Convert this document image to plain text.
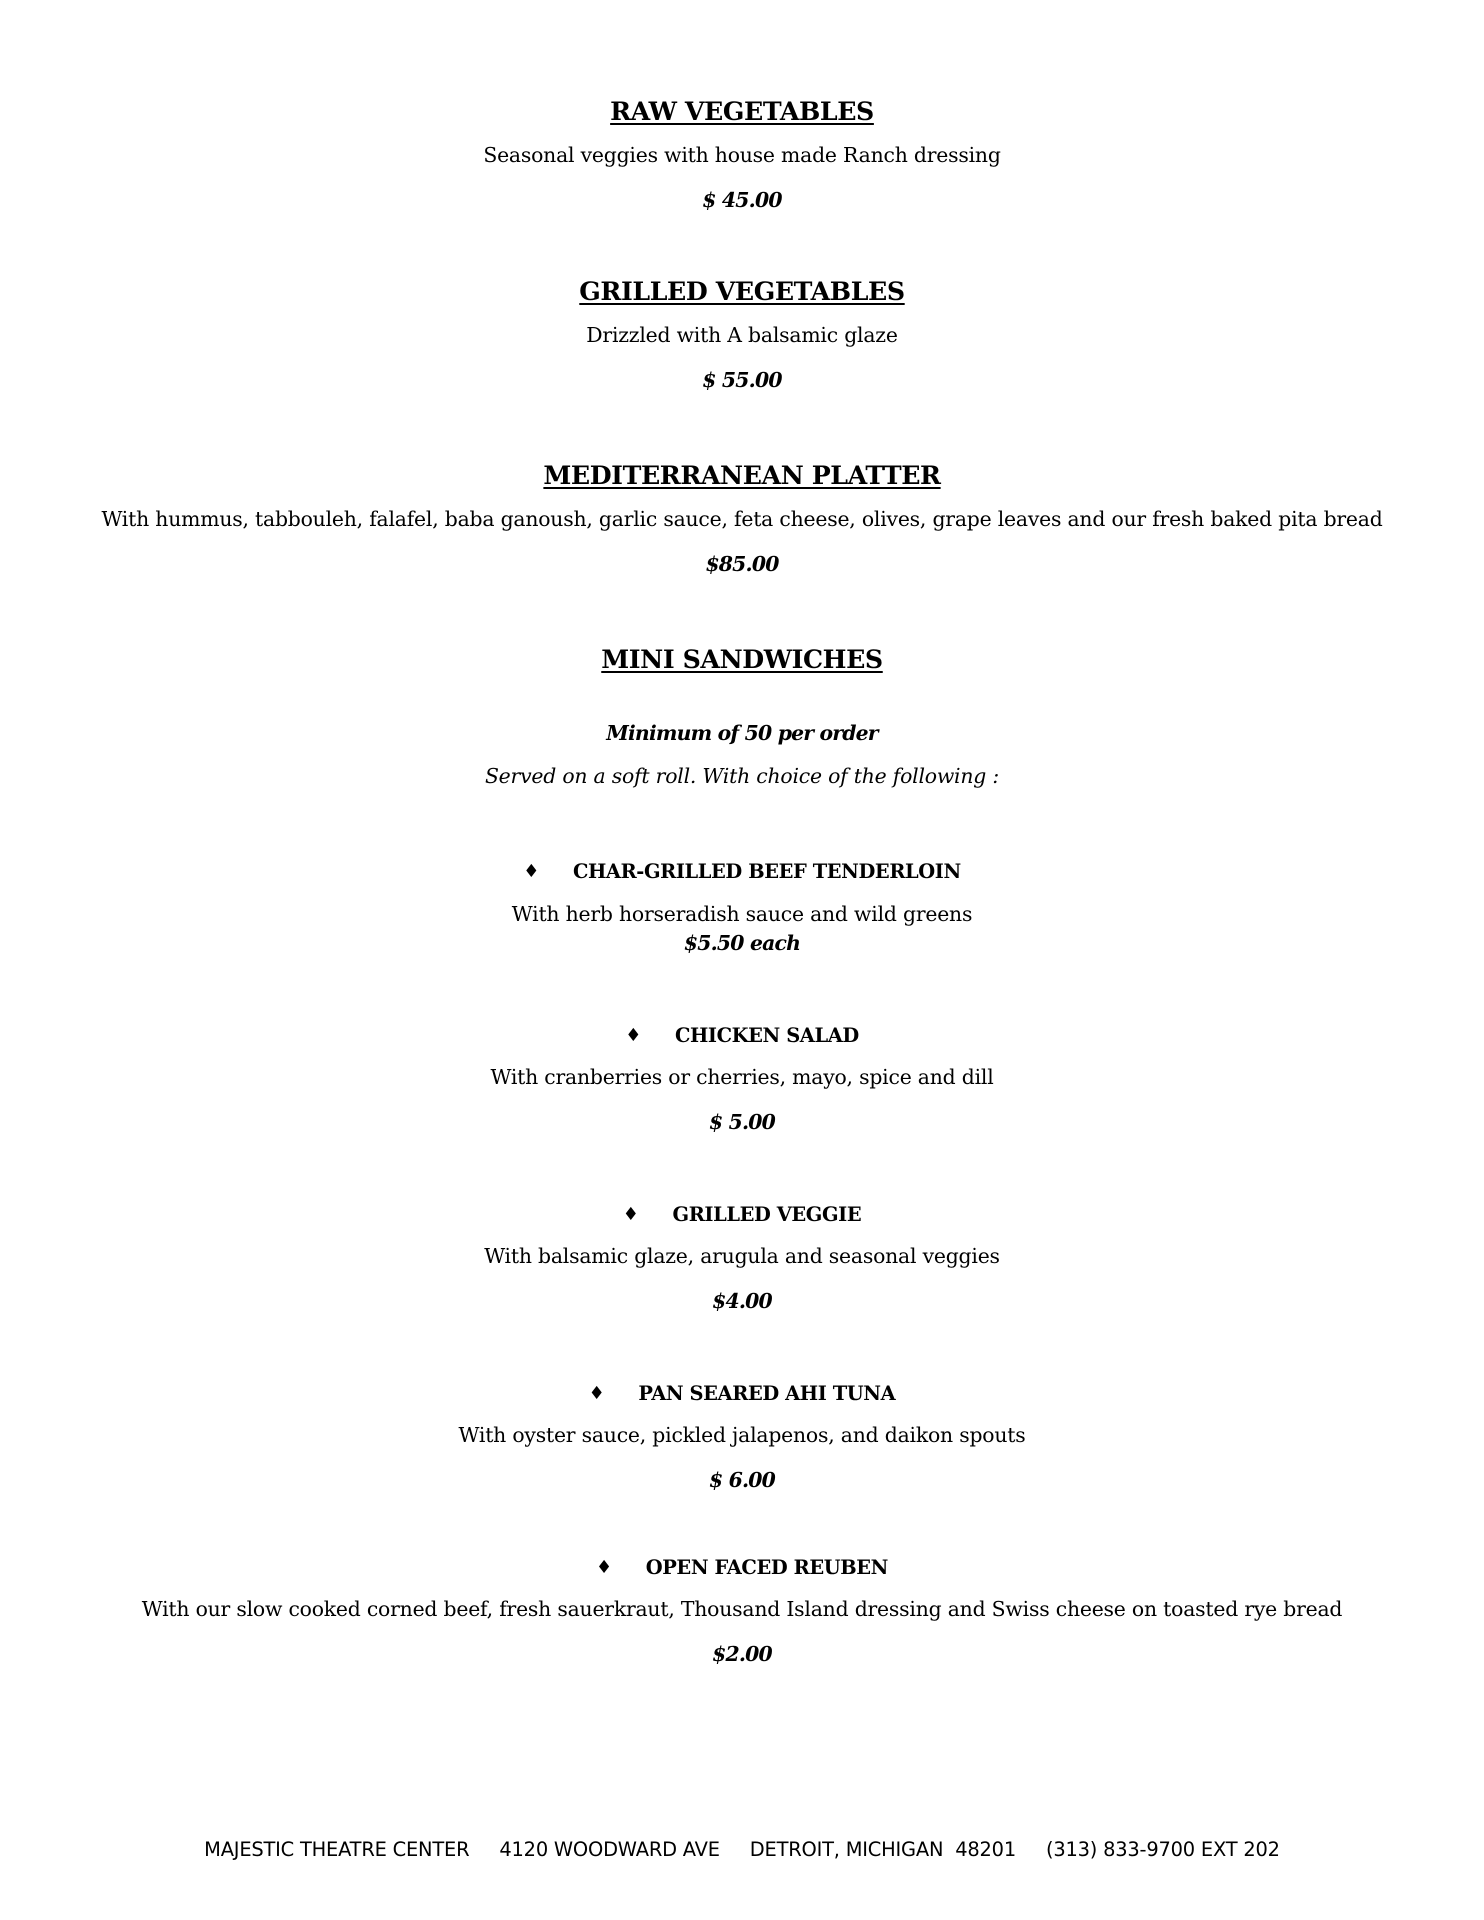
RAW VEGETABLES
Seasonal veggies with house made Ranch dressing
$ 45.00
GRILLED VEGETABLES
Drizzled with A balsamic glaze
$ 55.00
MEDITERRANEAN PLATTER
With hummus, tabbouleh, falafel, baba ganoush, garlic sauce, feta cheese, olives, grape leaves and our fresh baked pita bread
$85.00
MINI SANDWICHES
Minimum of 50 per order
Served on a soft roll. With choice of the following :
♦ CHAR-GRILLED BEEF TENDERLOIN
With herb horseradish sauce and wild greens
$5.50 each
♦ CHICKEN SALAD
With cranberries or cherries, mayo, spice and dill
$ 5.00
♦ GRILLED VEGGIE
With balsamic glaze, arugula and seasonal veggies
$4.00
♦ PAN SEARED AHI TUNA
With oyster sauce, pickled jalapenos, and daikon spouts
$ 6.00
♦ OPEN FACED REUBEN
With our slow cooked corned beef, fresh sauerkraut, Thousand Island dressing and Swiss cheese on toasted rye bread
$2.00
MAJESTIC THEATRE CENTER 4120 WOODWARD AVE DETROIT, MICHIGAN  48201 (313) 833-9700 EXT 202
